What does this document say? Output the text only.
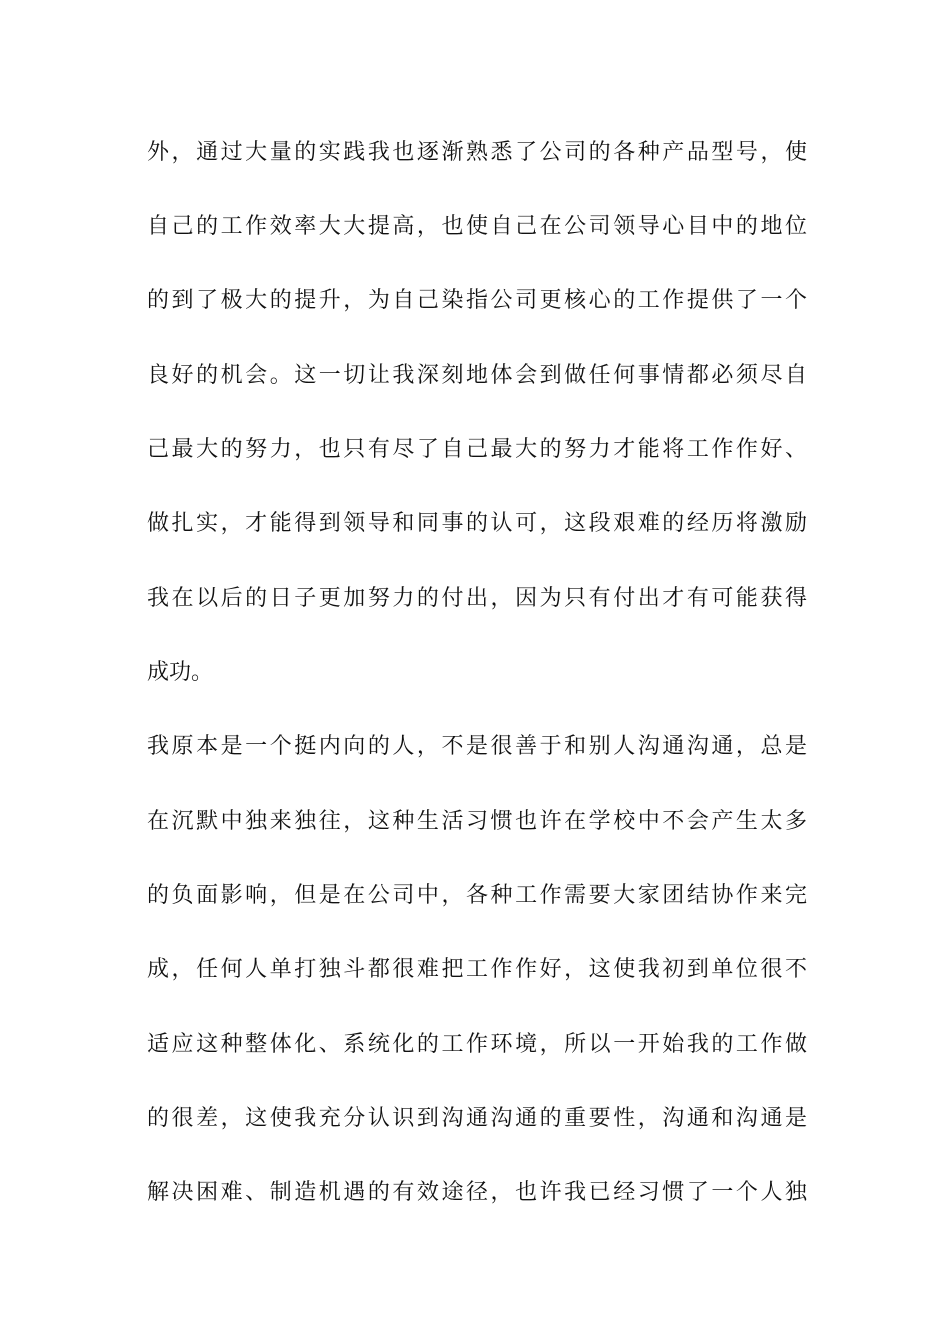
外，通过大量的实践我也逐渐熟悉了公司的各种产品型号，使
自己的工作效率大大提高，也使自己在公司领导心目中的地位
的到了极大的提升，为自己染指公司更核心的工作提供了一个
良好的机会。这一切让我深刻地体会到做任何事情都必须尽自
己最大的努力，也只有尽了自己最大的努力才能将工作作好、
做扎实，才能得到领导和同事的认可，这段艰难的经历将激励
我在以后的日子更加努力的付出，因为只有付出才有可能获得
成功。
我原本是一个挺内向的人，不是很善于和别人沟通沟通，总是
在沉默中独来独往，这种生活习惯也许在学校中不会产生太多
的负面影响，但是在公司中，各种工作需要大家团结协作来完
成，任何人单打独斗都很难把工作作好，这使我初到单位很不
适应这种整体化、系统化的工作环境，所以一开始我的工作做
的很差，这使我充分认识到沟通沟通的重要性，沟通和沟通是
解决困难、制造机遇的有效途径，也许我已经习惯了一个人独
